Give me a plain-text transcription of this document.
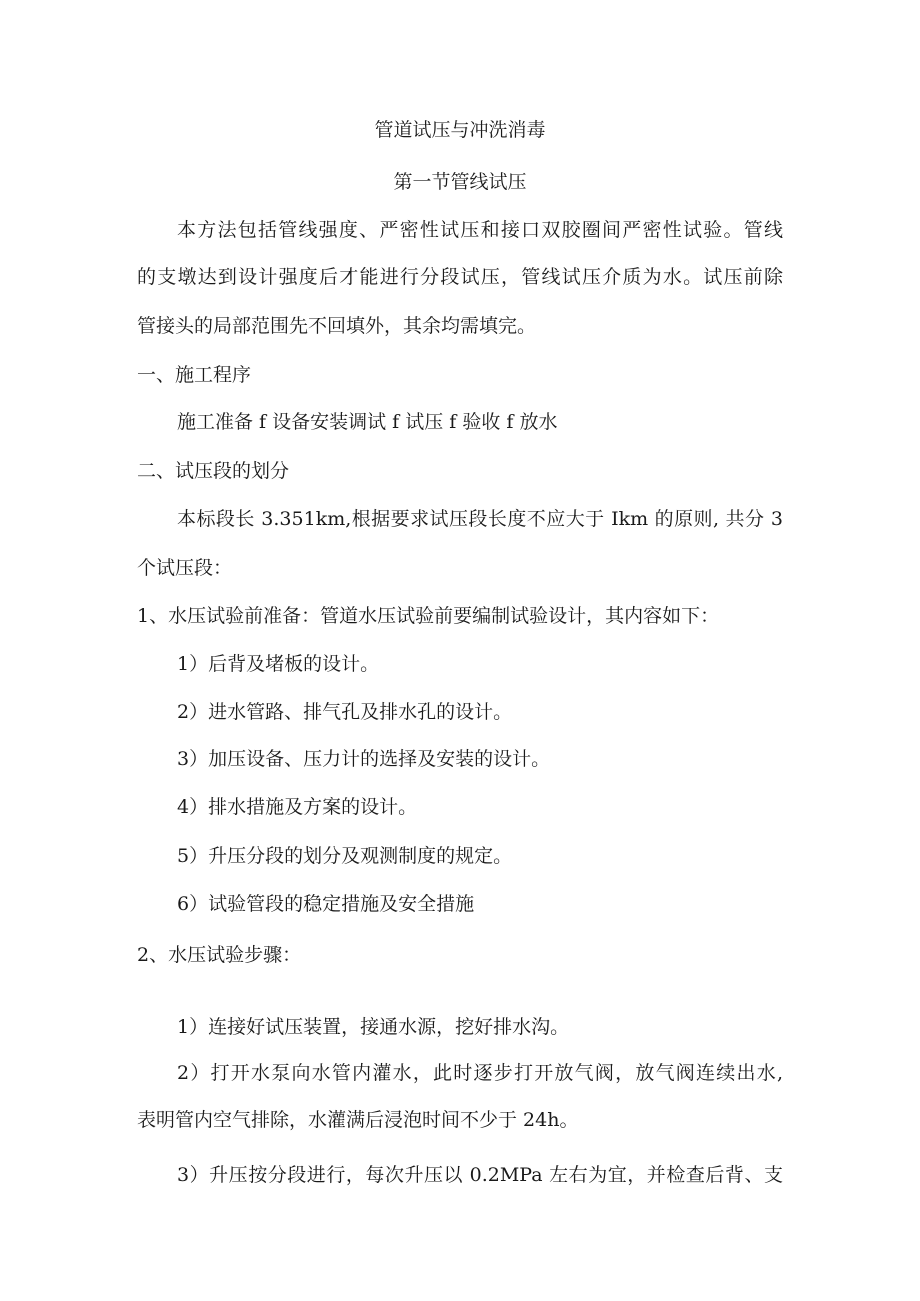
管道试压与冲洗消毒
第一节管线试压
本方法包括管线强度、严密性试压和接口双胶圈间严密性试验。管线
的支墩达到设计强度后才能进行分段试压，管线试压介质为水。试压前除
管接头的局部范围先不回填外，其余均需填完。
一、施工程序
施工准备 f 设备安装调试 f 试压 f 验收 f 放水
二、试压段的划分
本标段长 3.351km,根据要求试压段长度不应大于 Ikm 的原则, 共分 3
个试压段：
1、水压试验前准备：管道水压试验前要编制试验设计，其内容如下：
1）后背及堵板的设计。
2）进水管路、排气孔及排水孔的设计。
3）加压设备、压力计的选择及安装的设计。
4）排水措施及方案的设计。
5）升压分段的划分及观测制度的规定。
6）试验管段的稳定措施及安全措施
2、水压试验步骤：
1）连接好试压装置，接通水源，挖好排水沟。
2）打开水泵向水管内灌水，此时逐步打开放气阀，放气阀连续出水,
表明管内空气排除，水灌满后浸泡时间不少于 24h。
3）升压按分段进行，每次升压以 0.2MPa 左右为宜，并检查后背、支
